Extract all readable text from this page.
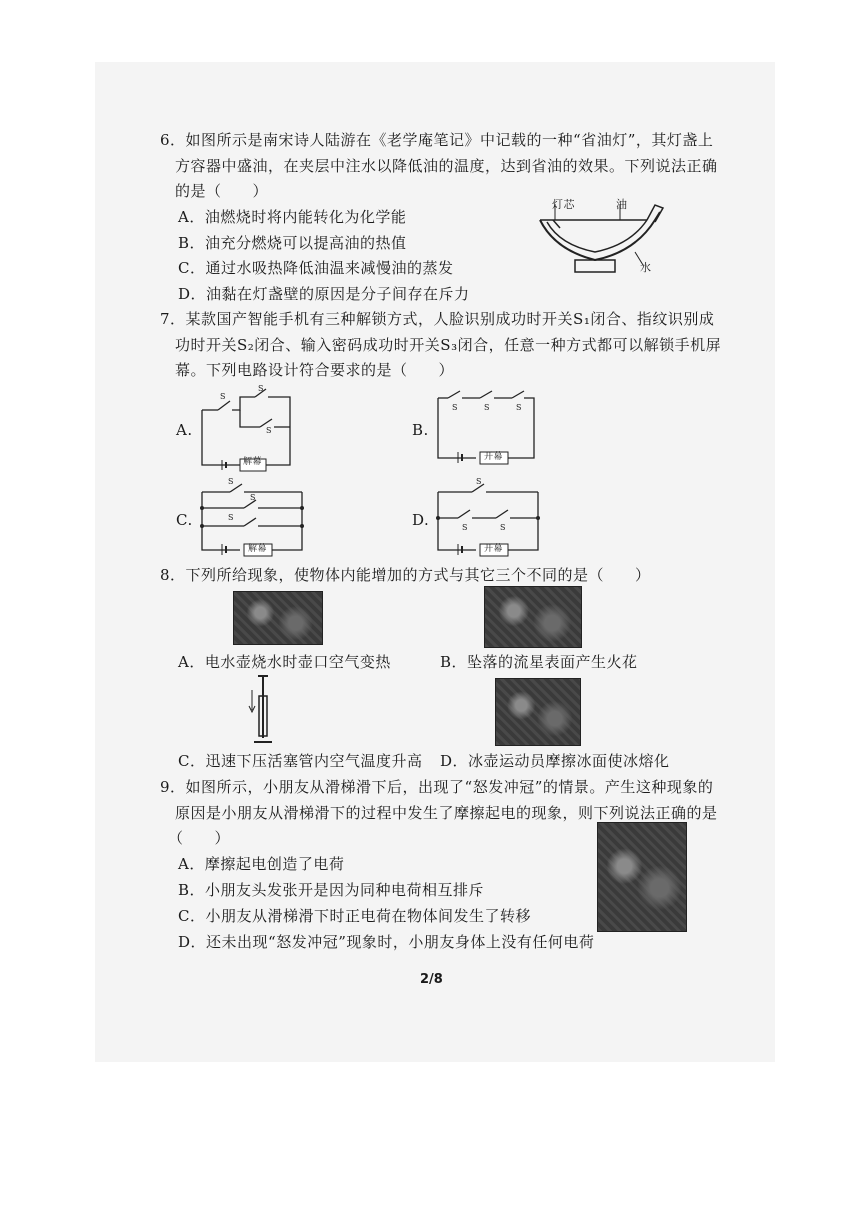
6．如图所示是南宋诗人陆游在《老学庵笔记》中记载的一种“省油灯”，其灯盏上
方容器中盛油，在夹层中注水以降低油的温度，达到省油的效果。下列说法正确
的是（　　）
A．油燃烧时将内能转化为化学能
B．油充分燃烧可以提高油的热值
C．通过水吸热降低油温来减慢油的蒸发
D．油黏在灯盏壁的原因是分子间存在斥力
灯芯	油
水
7．某款国产智能手机有三种解锁方式，人脸识别成功时开关S₁闭合、指纹识别成
功时开关S₂闭合、输入密码成功时开关S₃闭合，任意一种方式都可以解锁手机屏
幕。下列电路设计符合要求的是（　　）
A.	B.
C.	D.
S
S
S
解幕
S	S	S
开幕
S
S
S
解幕
S
S	S
开幕
8．下列所给现象，使物体内能增加的方式与其它三个不同的是（　　）
A．电水壶烧水时壶口空气变热	B．坠落的流星表面产生火花
C．迅速下压活塞管内空气温度升高 D．冰壶运动员摩擦冰面使冰熔化
9．如图所示，小朋友从滑梯滑下后，出现了“怒发冲冠”的情景。产生这种现象的
原因是小朋友从滑梯滑下的过程中发生了摩擦起电的现象，则下列说法正确的是
（　　）
A．摩擦起电创造了电荷
B．小朋友头发张开是因为同种电荷相互排斥
C．小朋友从滑梯滑下时正电荷在物体间发生了转移
D．还未出现“怒发冲冠”现象时，小朋友身体上没有任何电荷
2/8
